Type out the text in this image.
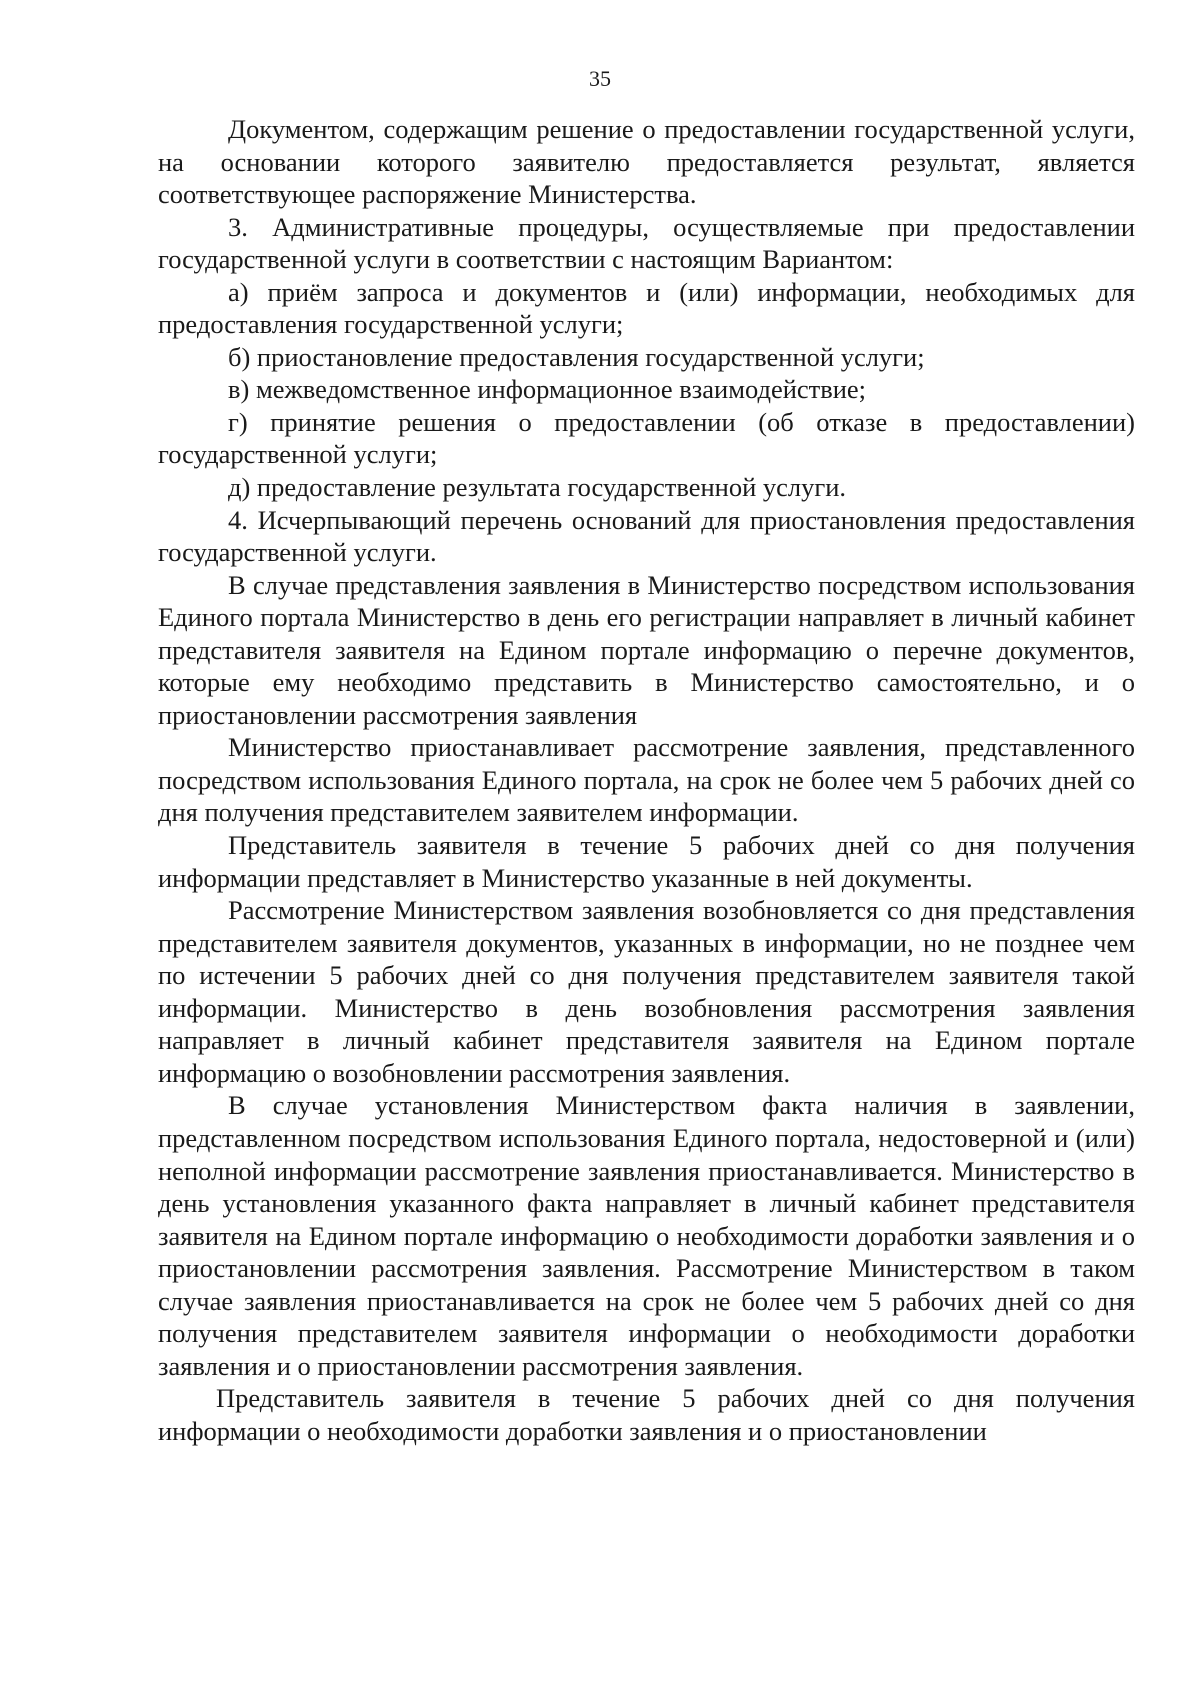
35

Документом, содержащим решение о предоставлении государственной услуги, на основании которого заявителю предоставляется результат, является соответствующее распоряжение Министерства.

3. Административные процедуры, осуществляемые при предоставлении государственной услуги в соответствии с настоящим Вариантом:

а) приём запроса и документов и (или) информации, необходимых для предоставления государственной услуги;

б) приостановление предоставления государственной услуги;

в) межведомственное информационное взаимодействие;

г) принятие решения о предоставлении (об отказе в предоставлении) государственной услуги;

д) предоставление результата государственной услуги.

4. Исчерпывающий перечень оснований для приостановления предоставления государственной услуги.

В случае представления заявления в Министерство посредством использования Единого портала Министерство в день его регистрации направляет в личный кабинет представителя заявителя на Едином портале информацию о перечне документов, которые ему необходимо представить в Министерство самостоятельно, и о приостановлении рассмотрения заявления

Министерство приостанавливает рассмотрение заявления, представленного посредством использования Единого портала, на срок не более чем 5 рабочих дней со дня получения представителем заявителем информации.

Представитель заявителя в течение 5 рабочих дней со дня получения информации представляет в Министерство указанные в ней документы.

Рассмотрение Министерством заявления возобновляется со дня представления представителем заявителя документов, указанных в информации, но не позднее чем по истечении 5 рабочих дней со дня получения представителем заявителя такой информации. Министерство в день возобновления рассмотрения заявления направляет в личный кабинет представителя заявителя на Едином портале информацию о возобновлении рассмотрения заявления.

В случае установления Министерством факта наличия в заявлении, представленном посредством использования Единого портала, недостоверной и (или) неполной информации рассмотрение заявления приостанавливается. Министерство в день установления указанного факта направляет в личный кабинет представителя заявителя на Едином портале информацию о необходимости доработки заявления и о приостановлении рассмотрения заявления. Рассмотрение Министерством в таком случае заявления приостанавливается на срок не более чем 5 рабочих дней со дня получения представителем заявителя информации о необходимости доработки заявления и о приостановлении рассмотрения заявления.

Представитель заявителя в течение 5 рабочих дней со дня получения информации о необходимости доработки заявления и о приостановлении
